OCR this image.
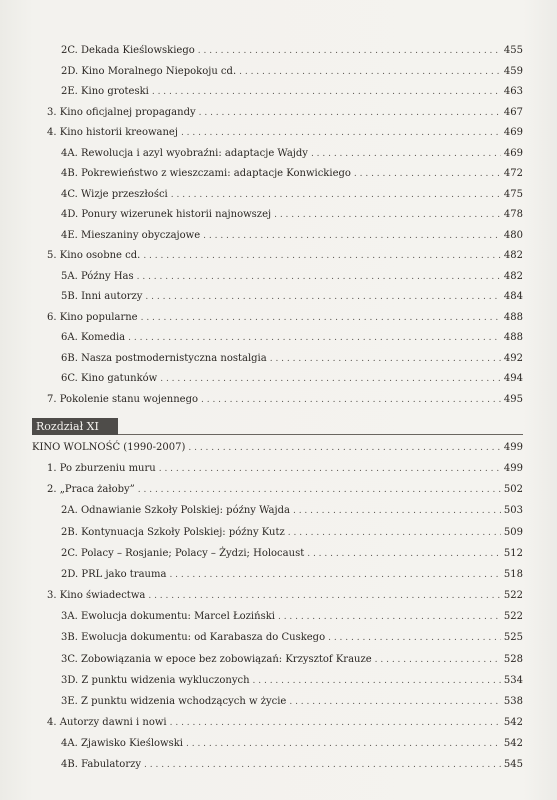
2C. Dekada Kieślowskiego . . .	455
2D. Kino Moralnego Niepokoju cd. . . .	459
2E. Kino groteski . . .	463
3. Kino oficjalnej propagandy . . .	467
4. Kino historii kreowanej . . .	469
4A. Rewolucja i azyl wyobraźni: adaptacje Wajdy . . .	469
4B. Pokrewieństwo z wieszczami: adaptacje Konwickiego . . .	472
4C. Wizje przeszłości . . .	475
4D. Ponury wizerunek historii najnowszej . . .	478
4E. Mieszaniny obyczajowe . . .	480
5. Kino osobne cd. . . .	482
5A. Późny Has . . .	482
5B. Inni autorzy . . .	484
6. Kino popularne . . .	488
6A. Komedia . . .	488
6B. Nasza postmodernistyczna nostalgia . . .	492
6C. Kino gatunków . . .	494
7. Pokolenie stanu wojennego . . .	495
Rozdział XI
KINO WOLNOŚĆ (1990-2007) . . .	499
1. Po zburzeniu muru . . .	499
2. „Praca żałoby” . . .	502
2A. Odnawianie Szkoły Polskiej: późny Wajda . . .	503
2B. Kontynuacja Szkoły Polskiej: późny Kutz . . .	509
2C. Polacy – Rosjanie; Polacy – Żydzi; Holocaust . . .	512
2D. PRL jako trauma . . .	518
3. Kino świadectwa . . .	522
3A. Ewolucja dokumentu: Marcel Łoziński . . .	522
3B. Ewolucja dokumentu: od Karabasza do Cuskego . . .	525
3C. Zobowiązania w epoce bez zobowiązań: Krzysztof Krauze . . .	528
3D. Z punktu widzenia wykluczonych . . .	534
3E. Z punktu widzenia wchodzących w życie . . .	538
4. Autorzy dawni i nowi . . .	542
4A. Zjawisko Kieślowski . . .	542
4B. Fabulatorzy . . .	545
